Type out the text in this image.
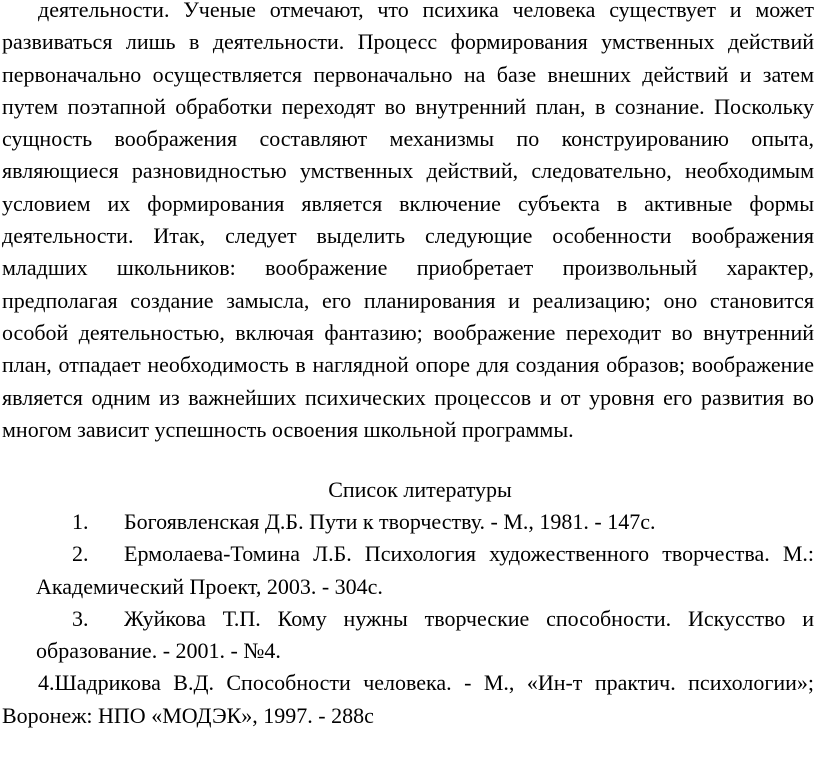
деятельности. Ученые отмечают, что психика человека существует и может развиваться лишь в деятельности. Процесс формирования умственных действий первоначально осуществляется первоначально на базе внешних действий и затем путем поэтапной обработки переходят во внутренний план, в сознание. Поскольку сущность воображения составляют механизмы по конструированию опыта, являющиеся разновидностью умственных действий, следовательно, необходимым условием их формирования является включение субъекта в активные формы деятельности. Итак, следует выделить следующие особенности воображения младших школьников: воображение приобретает произвольный характер, предполагая создание замысла, его планирования и реализацию; оно становится особой деятельностью, включая фантазию; воображение переходит во внутренний план, отпадает необходимость в наглядной опоре для создания образов; воображение является одним из важнейших психических процессов и от уровня его развития во многом зависит успешность освоения школьной программы.

Список литературы

1. Богоявленская Д.Б. Пути к творчеству. - М., 1981. - 147с.
2. Ермолаева-Томина Л.Б. Психология художественного творчества. М.: Академический Проект, 2003. - 304с.
3. Жуйкова Т.П. Кому нужны творческие способности. Искусство и образование. - 2001. - №4.
4.Шадрикова В.Д. Способности человека. - М., «Ин-т практич. психологии»; Воронеж: НПО «МОДЭК», 1997. - 288с
